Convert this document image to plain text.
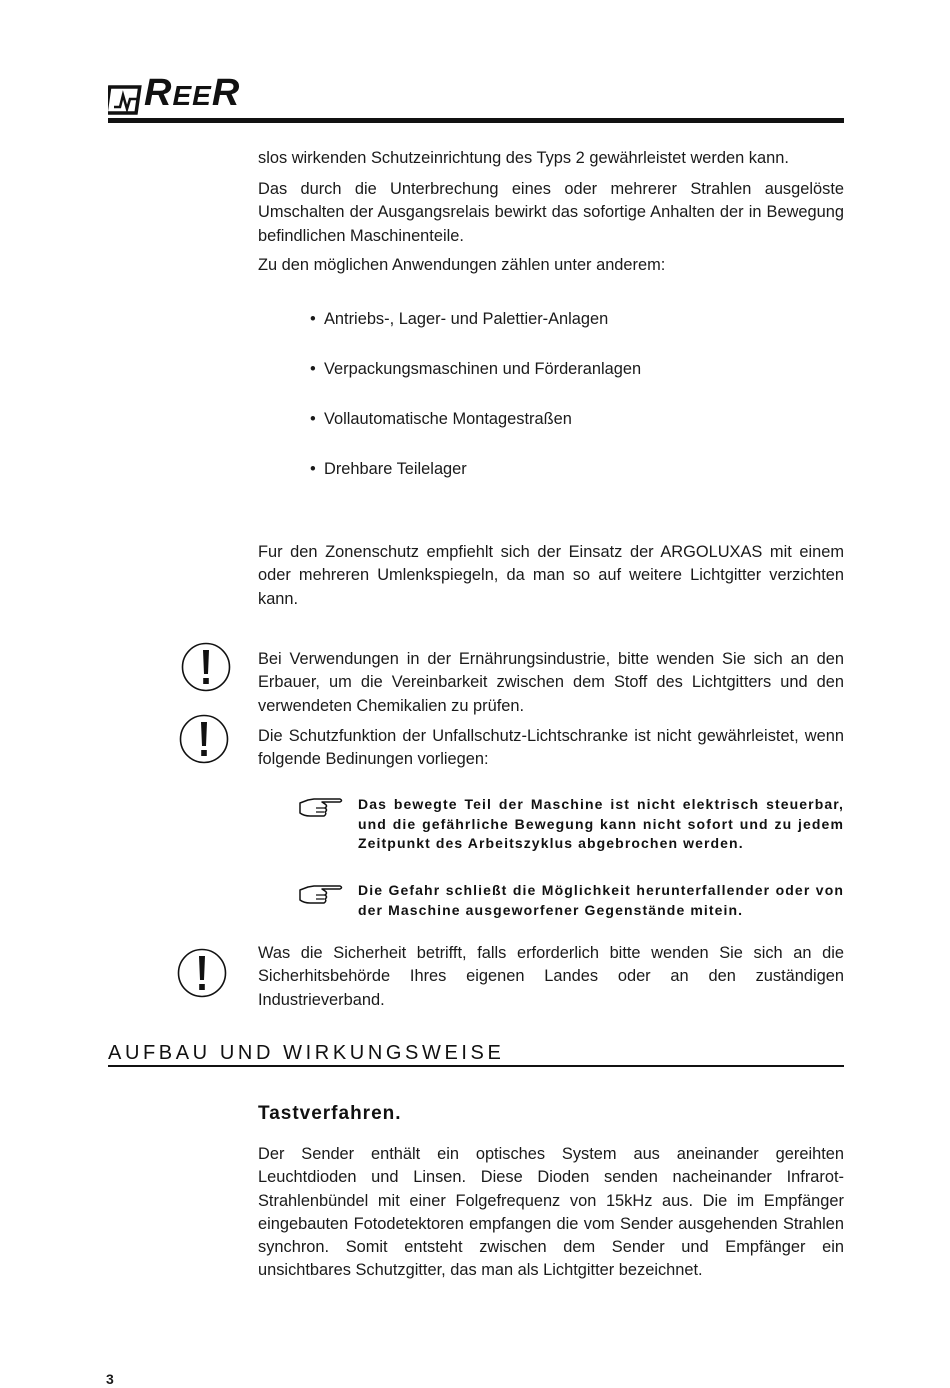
REER

slos wirkenden Schutzeinrichtung des Typs 2 gewährleistet werden kann.

Das durch die Unterbrechung eines oder mehrerer Strahlen ausgelöste Umschalten der Ausgangsrelais bewirkt das sofortige Anhalten der in Bewegung befindlichen Maschinenteile.

Zu den möglichen Anwendungen zählen unter anderem:

• Antriebs-, Lager- und Palettier-Anlagen
• Verpackungsmaschinen und Förderanlagen
• Vollautomatische Montagestraßen
• Drehbare Teilelager

Fur den Zonenschutz empfiehlt sich der Einsatz der ARGOLUXAS mit einem oder mehreren Umlenkspiegeln, da man so auf weitere Lichtgitter verzichten kann.

Bei Verwendungen in der Ernährungsindustrie, bitte wenden Sie sich an den Erbauer, um die Vereinbarkeit zwischen dem Stoff des Lichtgitters und den verwendeten Chemikalien zu prüfen.

Die Schutzfunktion der Unfallschutz-Lichtschranke ist nicht gewährleistet, wenn folgende Bedinungen vorliegen:

Das bewegte Teil der Maschine ist nicht elektrisch steuerbar, und die gefährliche Bewegung kann nicht sofort und zu jedem Zeitpunkt des Arbeitszyklus abgebrochen werden.

Die Gefahr schließt die Möglichkeit herunterfallender oder von der Maschine ausgeworfener Gegenstände mitein.

Was die Sicherheit betrifft, falls erforderlich bitte wenden Sie sich an die Sicherhitsbehörde Ihres eigenen Landes oder an den zuständigen Industrieverband.

AUFBAU UND WIRKUNGSWEISE
Tastverfahren.

Der Sender enthält ein optisches System aus aneinander gereihten Leuchtdioden und Linsen. Diese Dioden senden nacheinander Infrarot-Strahlenbündel mit einer Folgefrequenz von 15kHz aus. Die im Empfänger eingebauten Fotodetektoren empfangen die vom Sender ausgehenden Strahlen synchron. Somit entsteht zwischen dem Sender und Empfänger ein unsichtbares Schutzgitter, das man als Lichtgitter bezeichnet.

3
